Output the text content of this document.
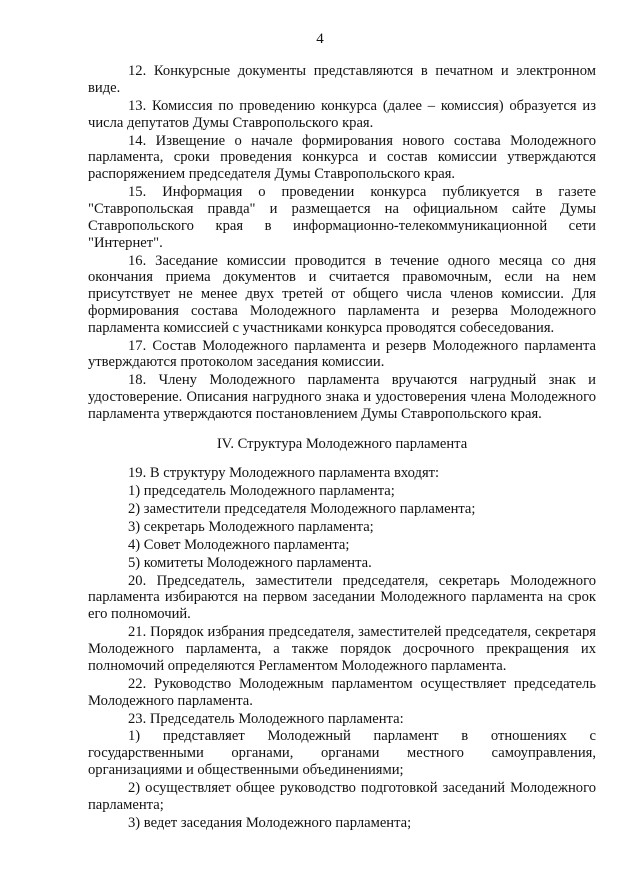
4

12. Конкурсные документы представляются в печатном и электронном виде.

13. Комиссия по проведению конкурса (далее – комиссия) образуется из числа депутатов Думы Ставропольского края.

14. Извещение о начале формирования нового состава Молодежного парламента, сроки проведения конкурса и состав комиссии утверждаются распоряжением председателя Думы Ставропольского края.

15. Информация о проведении конкурса публикуется в газете "Ставропольская правда" и размещается на официальном сайте Думы Ставропольского края в информационно-телекоммуникационной сети "Интернет".

16. Заседание комиссии проводится в течение одного месяца со дня окончания приема документов и считается правомочным, если на нем присутствует не менее двух третей от общего числа членов комиссии. Для формирования состава Молодежного парламента и резерва Молодежного парламента комиссией с участниками конкурса проводятся собеседования.

17. Состав Молодежного парламента и резерв Молодежного парламента утверждаются протоколом заседания комиссии.

18. Члену Молодежного парламента вручаются нагрудный знак и удостоверение. Описания нагрудного знака и удостоверения члена Молодежного парламента утверждаются постановлением Думы Ставропольского края.

IV. Структура Молодежного парламента

19. В структуру Молодежного парламента входят:

1) председатель Молодежного парламента;

2) заместители председателя Молодежного парламента;

3) секретарь Молодежного парламента;

4) Совет Молодежного парламента;

5) комитеты Молодежного парламента.

20. Председатель, заместители председателя, секретарь Молодежного парламента избираются на первом заседании Молодежного парламента на срок его полномочий.

21. Порядок избрания председателя, заместителей председателя, секретаря Молодежного парламента, а также порядок досрочного прекращения их полномочий определяются Регламентом Молодежного парламента.

22. Руководство Молодежным парламентом осуществляет председатель Молодежного парламента.

23. Председатель Молодежного парламента:

1) представляет Молодежный парламент в отношениях с государственными органами, органами местного самоуправления, организациями и общественными объединениями;

2) осуществляет общее руководство подготовкой заседаний Молодежного парламента;

3) ведет заседания Молодежного парламента;
